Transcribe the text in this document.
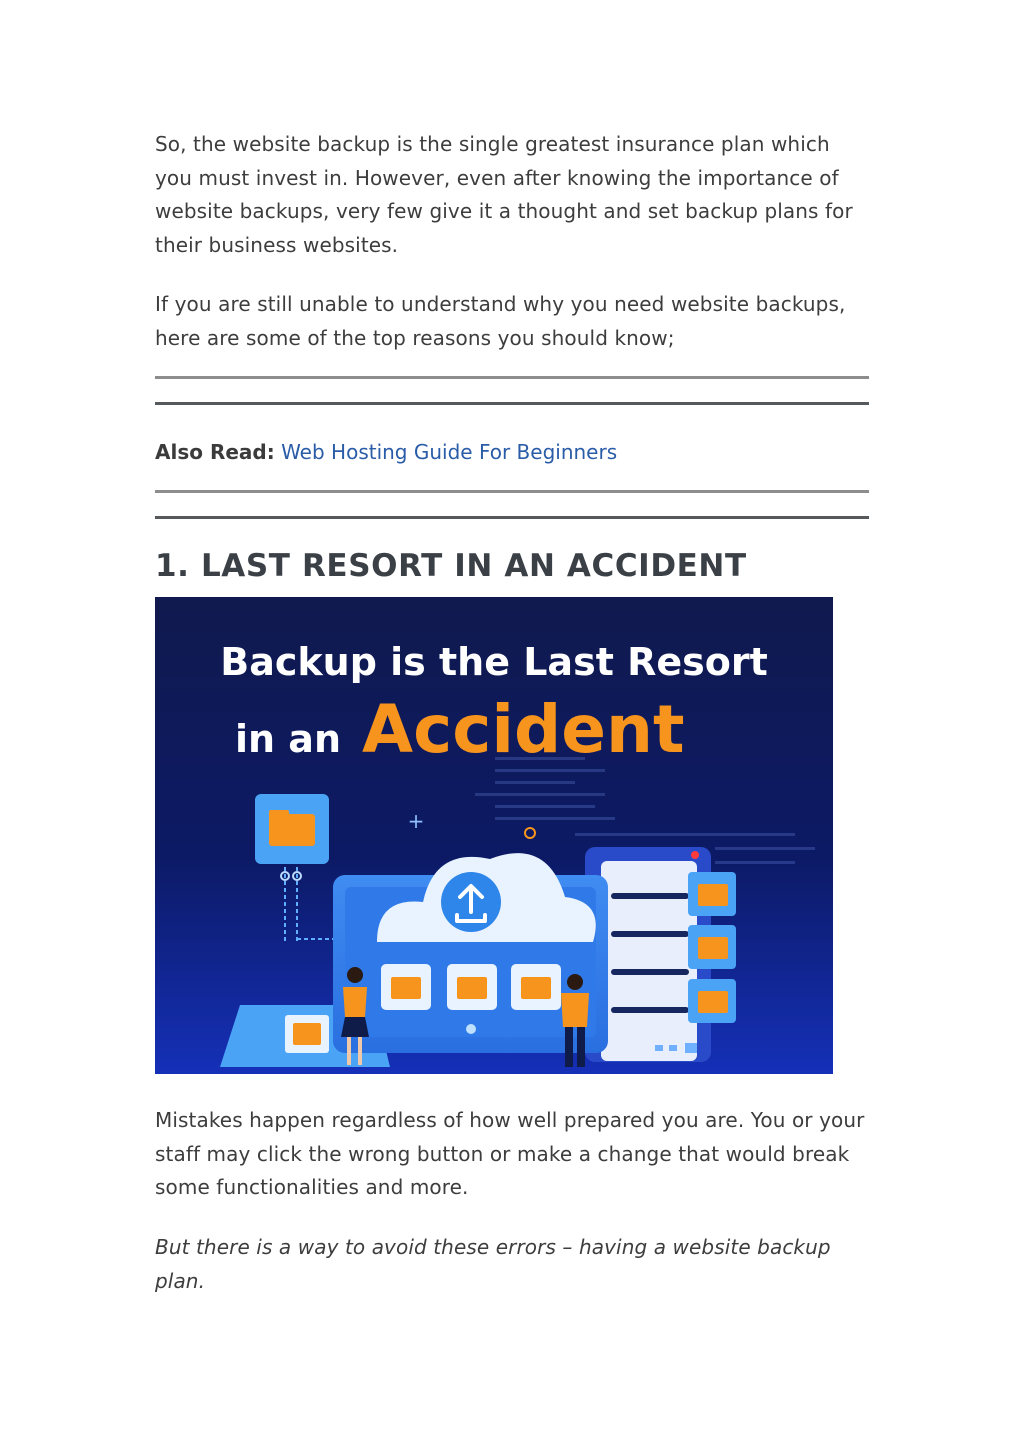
So, the website backup is the single greatest insurance plan which you must invest in. However, even after knowing the importance of website backups, very few give it a thought and set backup plans for their business websites.

If you are still unable to understand why you need website backups, here are some of the top reasons you should know;

Also Read: Web Hosting Guide For Beginners
1. LAST RESORT IN AN ACCIDENT
Backup is the Last Resort
in an Accident
+

Mistakes happen regardless of how well prepared you are. You or your staff may click the wrong button or make a change that would break some functionalities and more.

But there is a way to avoid these errors – having a website backup plan.
